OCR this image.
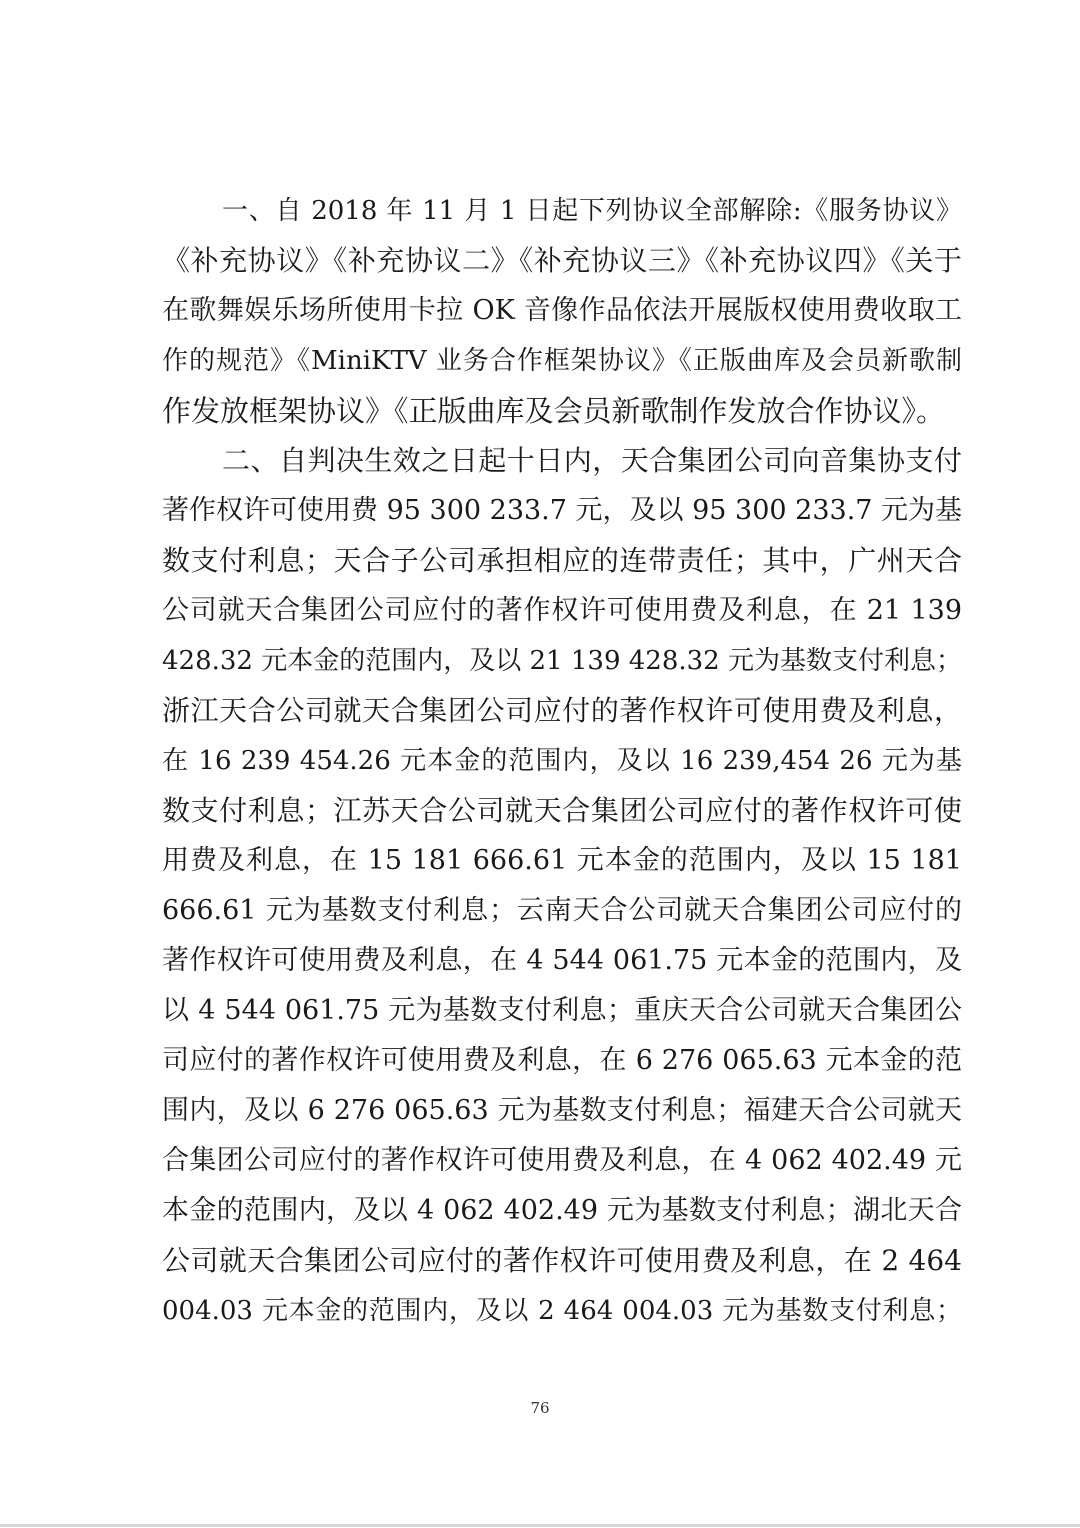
一、自 2018 年 11 月 1 日起下列协议全部解除:《服务协议》
《补充协议》《补充协议二》《补充协议三》《补充协议四》《关于
在歌舞娱乐场所使用卡拉 OK 音像作品依法开展版权使用费收取工
作的规范》《MiniKTV 业务合作框架协议》《正版曲库及会员新歌制
作发放框架协议》《正版曲库及会员新歌制作发放合作协议》。
二、自判决生效之日起十日内，天合集团公司向音集协支付
著作权许可使用费 95 300 233.7 元，及以 95 300 233.7 元为基
数支付利息；天合子公司承担相应的连带责任；其中，广州天合
公司就天合集团公司应付的著作权许可使用费及利息，在 21 139
428.32 元本金的范围内，及以 21 139 428.32 元为基数支付利息；
浙江天合公司就天合集团公司应付的著作权许可使用费及利息，
在 16 239 454.26 元本金的范围内，及以 16 239,454 26 元为基
数支付利息；江苏天合公司就天合集团公司应付的著作权许可使
用费及利息，在 15 181 666.61 元本金的范围内，及以 15 181
666.61 元为基数支付利息；云南天合公司就天合集团公司应付的
著作权许可使用费及利息，在 4 544 061.75 元本金的范围内，及
以 4 544 061.75 元为基数支付利息；重庆天合公司就天合集团公
司应付的著作权许可使用费及利息，在 6 276 065.63 元本金的范
围内，及以 6 276 065.63 元为基数支付利息；福建天合公司就天
合集团公司应付的著作权许可使用费及利息，在 4 062 402.49 元
本金的范围内，及以 4 062 402.49 元为基数支付利息；湖北天合
公司就天合集团公司应付的著作权许可使用费及利息，在 2 464
004.03 元本金的范围内，及以 2 464 004.03 元为基数支付利息；
76
